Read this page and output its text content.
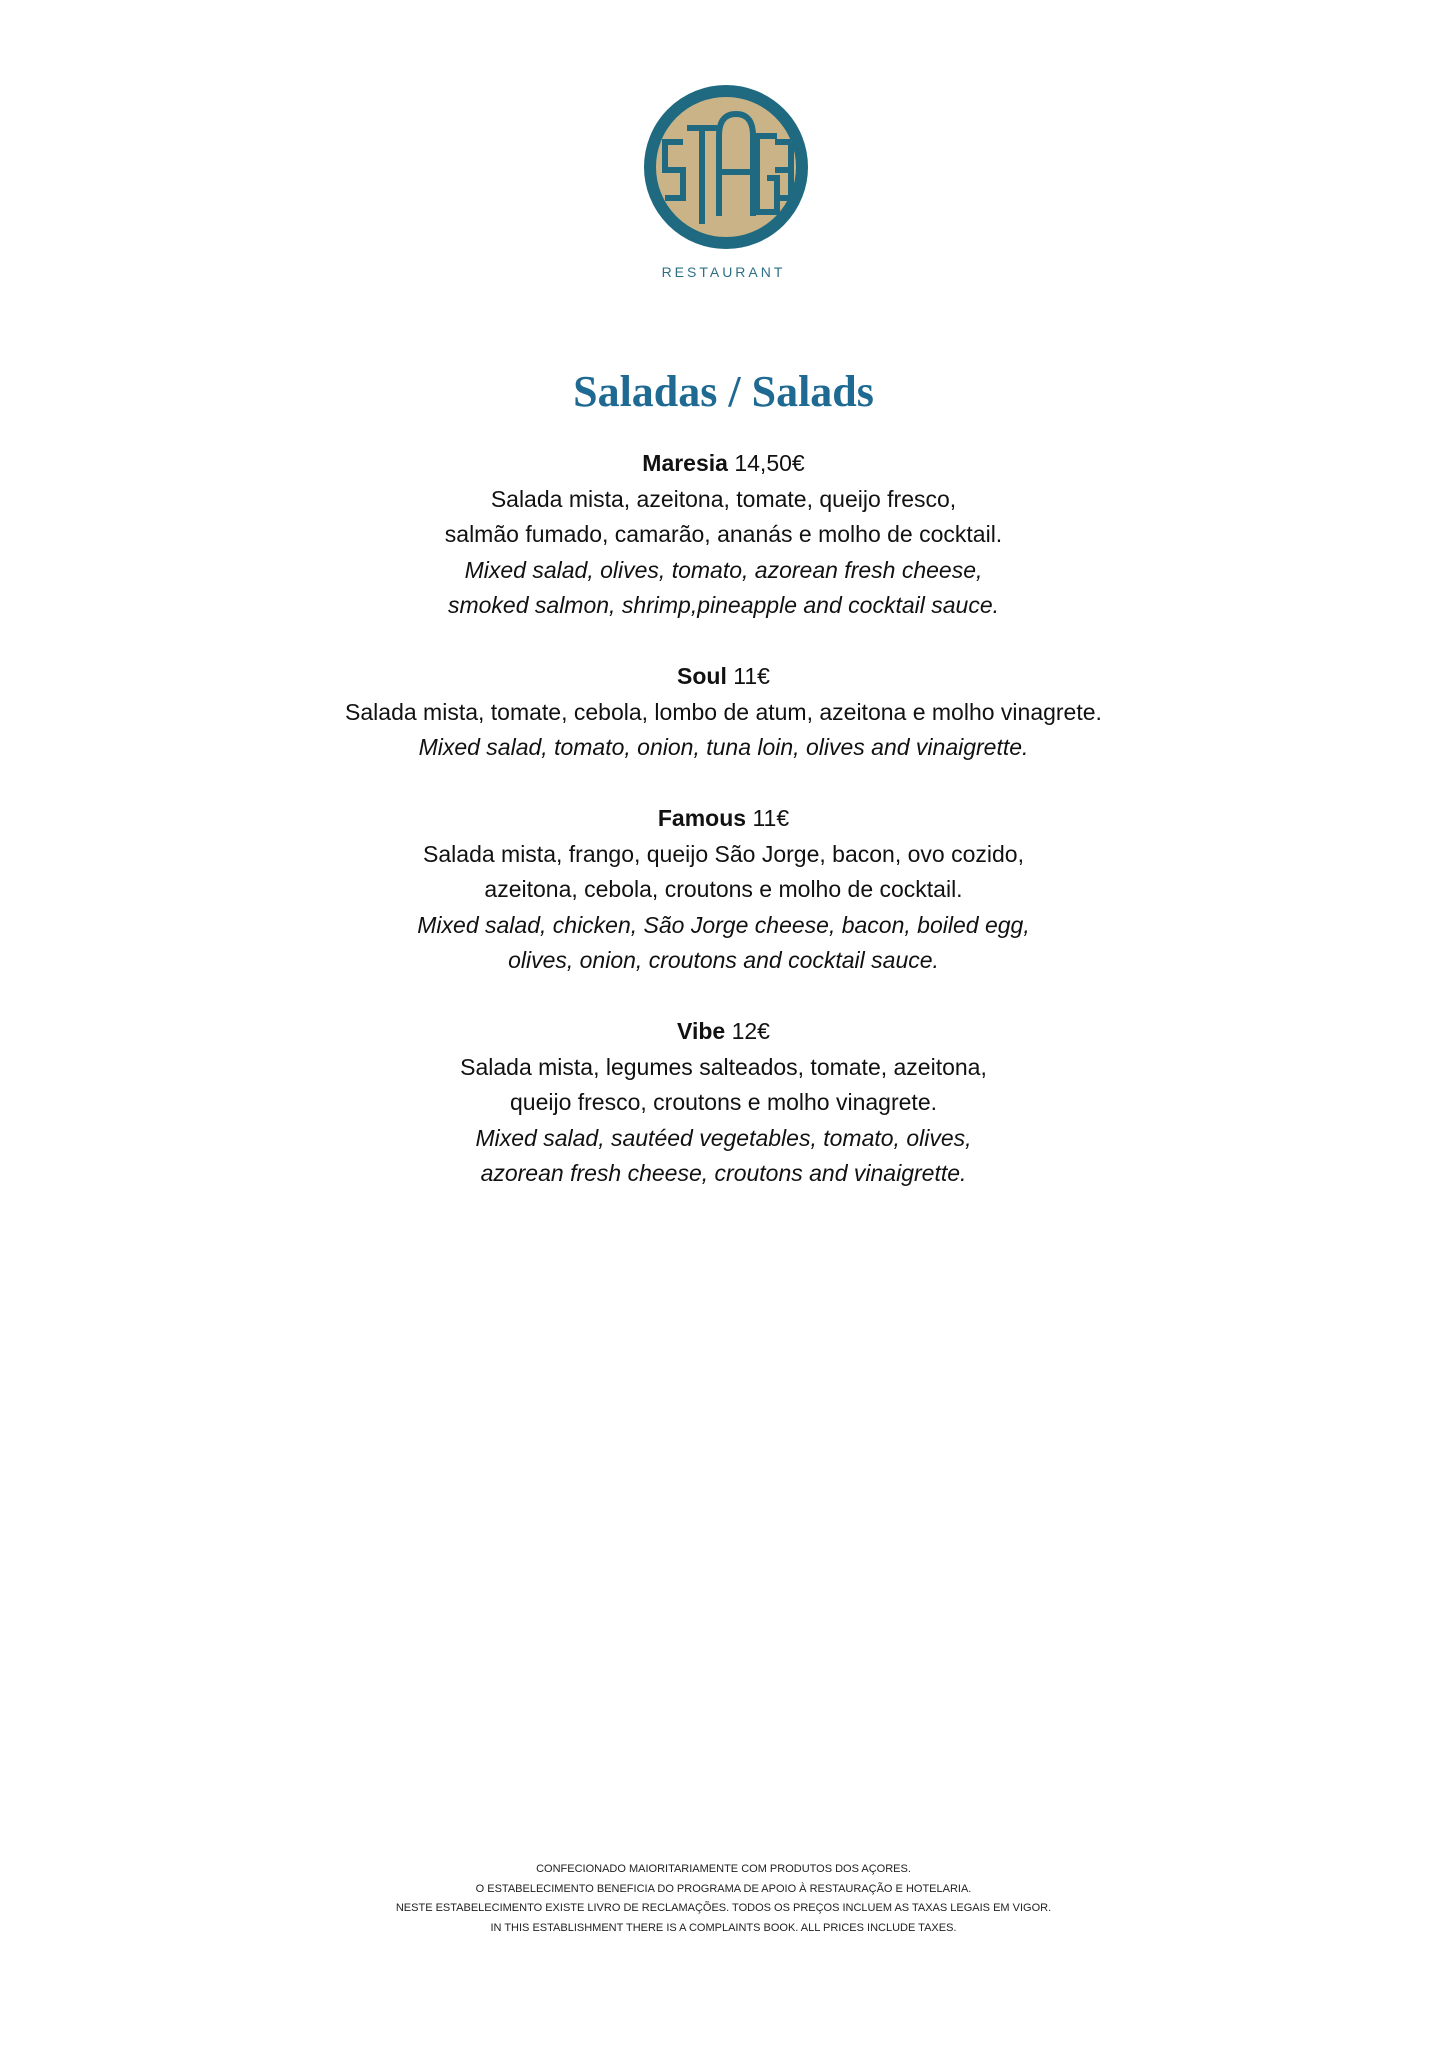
RESTAURANT
Saladas / Salads
Maresia 14,50€
Salada mista, azeitona, tomate, queijo fresco,
salmão fumado, camarão, ananás e molho de cocktail.
Mixed salad, olives, tomato, azorean fresh cheese,
smoked salmon, shrimp,pineapple and cocktail sauce.
Soul 11€
Salada mista, tomate, cebola, lombo de atum, azeitona e molho vinagrete.
Mixed salad, tomato, onion, tuna loin, olives and vinaigrette.
Famous 11€
Salada mista, frango, queijo São Jorge, bacon, ovo cozido,
azeitona, cebola, croutons e molho de cocktail.
Mixed salad, chicken, São Jorge cheese, bacon, boiled egg,
olives, onion, croutons and cocktail sauce.
Vibe 12€
Salada mista, legumes salteados, tomate, azeitona,
queijo fresco, croutons e molho vinagrete.
Mixed salad, sautéed vegetables, tomato, olives,
azorean fresh cheese, croutons and vinaigrette.
CONFECIONADO MAIORITARIAMENTE COM PRODUTOS DOS AÇORES.
O ESTABELECIMENTO BENEFICIA DO PROGRAMA DE APOIO À RESTAURAÇÃO E HOTELARIA.
NESTE ESTABELECIMENTO EXISTE LIVRO DE RECLAMAÇÕES. TODOS OS PREÇOS INCLUEM AS TAXAS LEGAIS EM VIGOR.
IN THIS ESTABLISHMENT THERE IS A COMPLAINTS BOOK. ALL PRICES INCLUDE TAXES.
